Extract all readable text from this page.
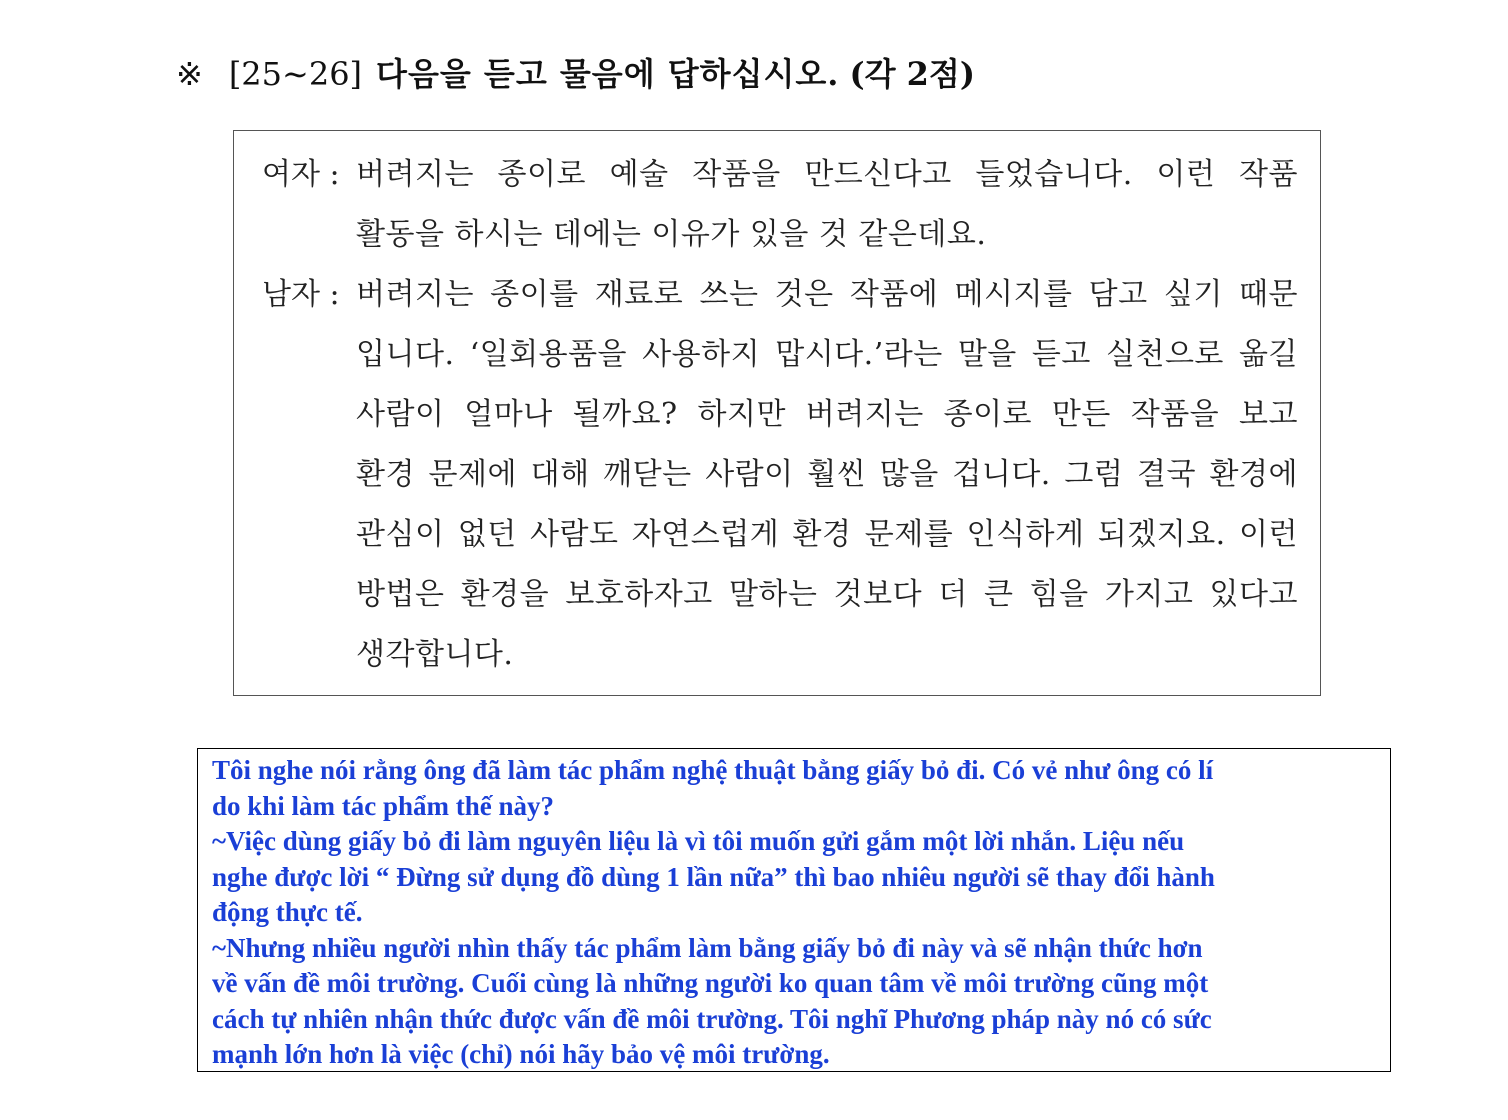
※ [25∼26] 다음을 듣고 물음에 답하십시오. (각 2점)
여자 : 버려지는 종이로 예술 작품을 만드신다고 들었습니다. 이런 작품
활동을 하시는 데에는 이유가 있을 것 같은데요.
남자 : 버려지는 종이를 재료로 쓰는 것은 작품에 메시지를 담고 싶기 때문
입니다. ‘일회용품을 사용하지 맙시다.’라는 말을 듣고 실천으로 옮길
사람이 얼마나 될까요? 하지만 버려지는 종이로 만든 작품을 보고
환경 문제에 대해 깨닫는 사람이 훨씬 많을 겁니다. 그럼 결국 환경에
관심이 없던 사람도 자연스럽게 환경 문제를 인식하게 되겠지요. 이런
방법은 환경을 보호하자고 말하는 것보다 더 큰 힘을 가지고 있다고
생각합니다.
Tôi nghe nói rằng ông đã làm tác phẩm nghệ thuật bằng giấy bỏ đi. Có vẻ như ông có lí
do khi làm tác phẩm thế này?
~Việc dùng giấy bỏ đi làm nguyên liệu là vì tôi muốn gửi gắm một lời nhắn. Liệu nếu
nghe được lời “ Đừng sử dụng đồ dùng 1 lần nữa” thì bao nhiêu người sẽ thay đổi hành
động thực tế.
~Nhưng nhiều người nhìn thấy tác phẩm làm bằng giấy bỏ đi này và sẽ nhận thức hơn
về vấn đề môi trường. Cuối cùng là những người ko quan tâm về môi trường cũng một
cách tự nhiên nhận thức được vấn đề môi trường. Tôi nghĩ Phương pháp này nó có sức
mạnh lớn hơn là việc (chỉ) nói hãy bảo vệ môi trường.
